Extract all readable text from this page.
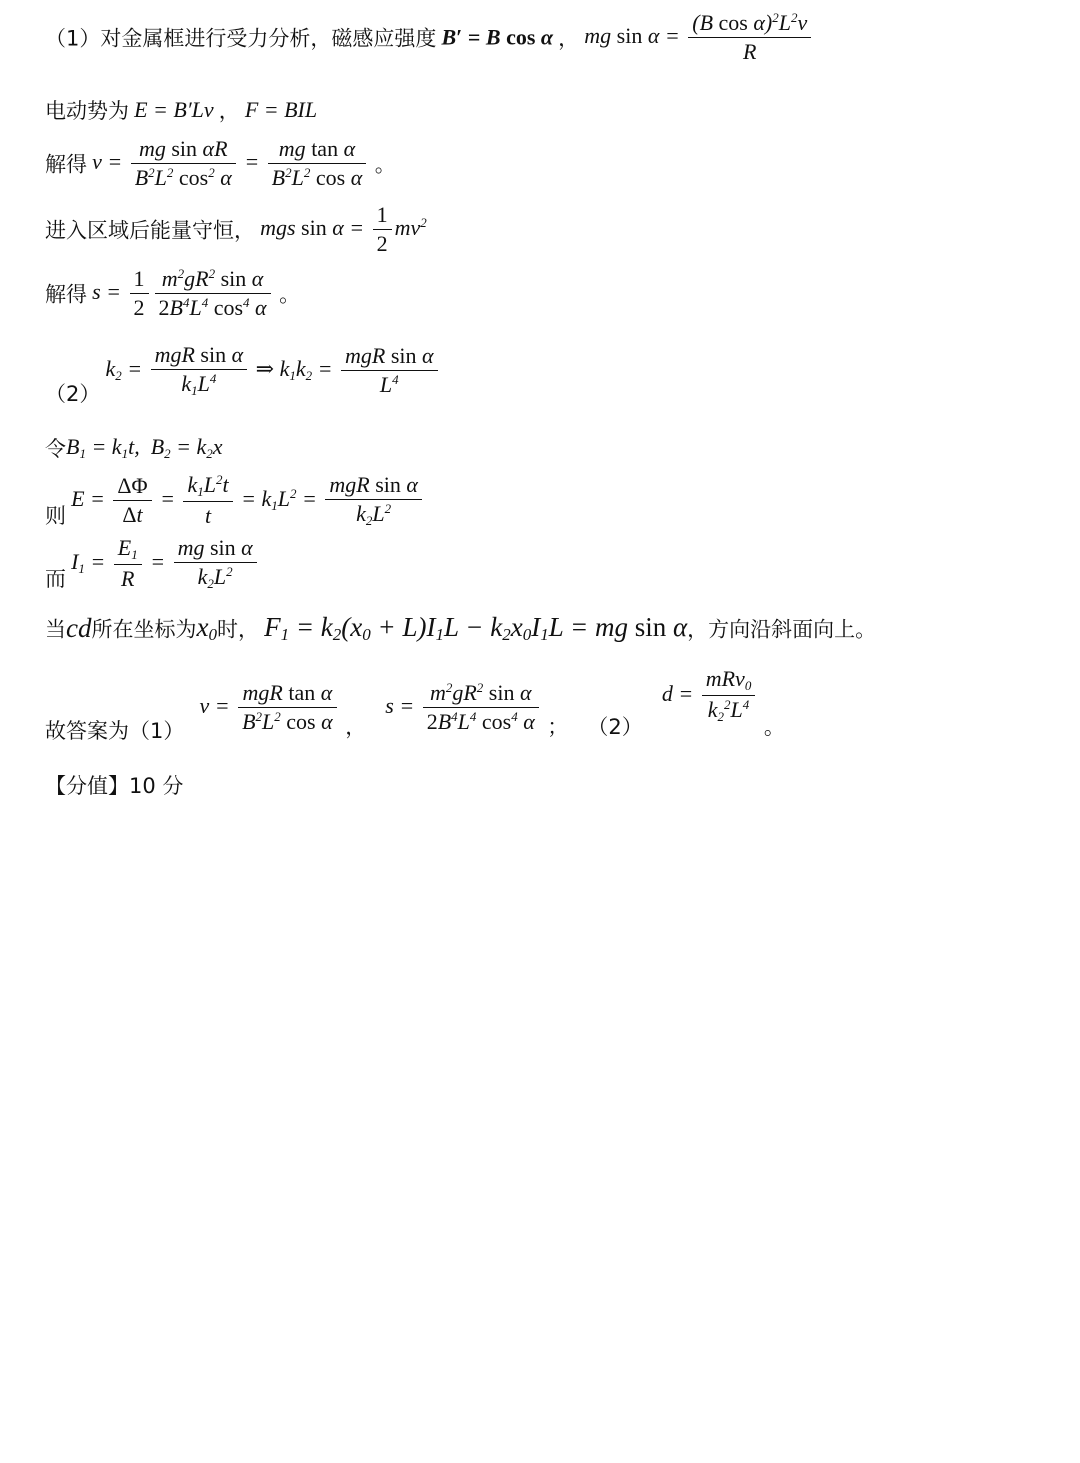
（1）对金属框进行受力分析，磁感应强度 B′ = B cos α ， mg $\sin \alpha = \frac{(B \cos \alpha)^2L^2v}{R}$
电动势为 E = B′Lv ， F = BIL
解得 $v = \frac{\text{mg sin αR}}{B^2L^2 \cos^2 \alpha} = \frac{\text{mg tan α}}{B^2L^2 \cos \alpha}$ 。
进入区域后能量守恒， mgs $\sin \alpha = \frac{1}{2} mv^2$
解得 $s = \frac{1}{2} \frac{m^2gR^2 \sin \alpha}{2B^4L^4 \cos^4 \alpha}$ 。
（2） $k_2 = \frac{\text{mgR sin α}}{k_1L^4}$ ⇒ $k_1k_2 = \frac{\text{mgR sin α}}{L^4}$
令$B_1 = k_1t$,  $B_2 = k_2x$
则 $E = \frac{\Delta\Phi}{\Delta t} = \frac{k_1L^2t}{t} = k_1L^2 = \frac{\text{mgR sin α}}{k_2L^2}$
而 $I_1 = \frac{E_1}{R} = \frac{\text{mg sin α}}{k_2L^2}$
当cd所在坐标为$x_0$时， $F_1 = k_2(x_0 + L)I_1L - k_2x_0I_1L$ = mg sin α，方向沿斜面向上。
故答案为（1） $v = \frac{\text{mgR tan α}}{B^2L^2 \cos \alpha}$ ， $s = \frac{m^2gR^2 \sin \alpha}{2B^4L^4 \cos^4 \alpha}$ ； （2） $d = \frac{mRv_0}{k_2^2L^4}$
。
【分值】10 分
